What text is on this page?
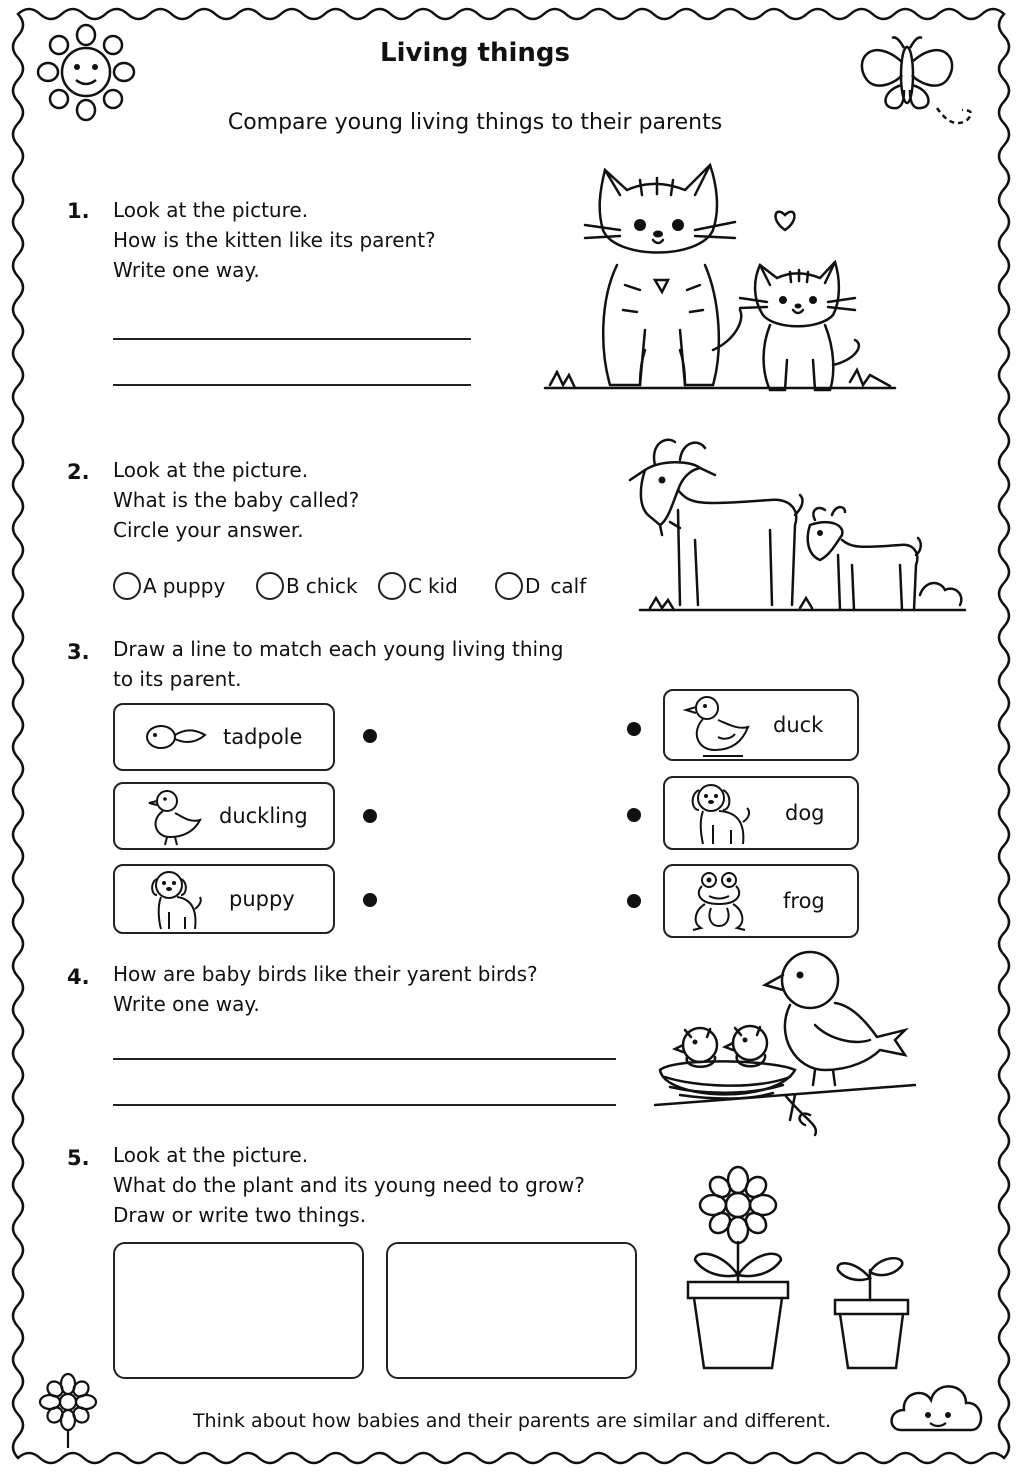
Living things
Compare young living things to their parents
1. Look at the picture.
How is the kitten like its parent?
Write one way.
2. Look at the picture.
What is the baby called?
Circle your answer.
A puppy	B chick	C kid	D calf
3. Draw a line to match each young living thing
to its parent.
tadpole
duckling
puppy
duck
dog
frog
4. How are baby birds like their yarent birds?
Write one way.
5. Look at the picture.
What do the plant and its young need to grow?
Draw or write two things.
Think about how babies and their parents are similar and different.
